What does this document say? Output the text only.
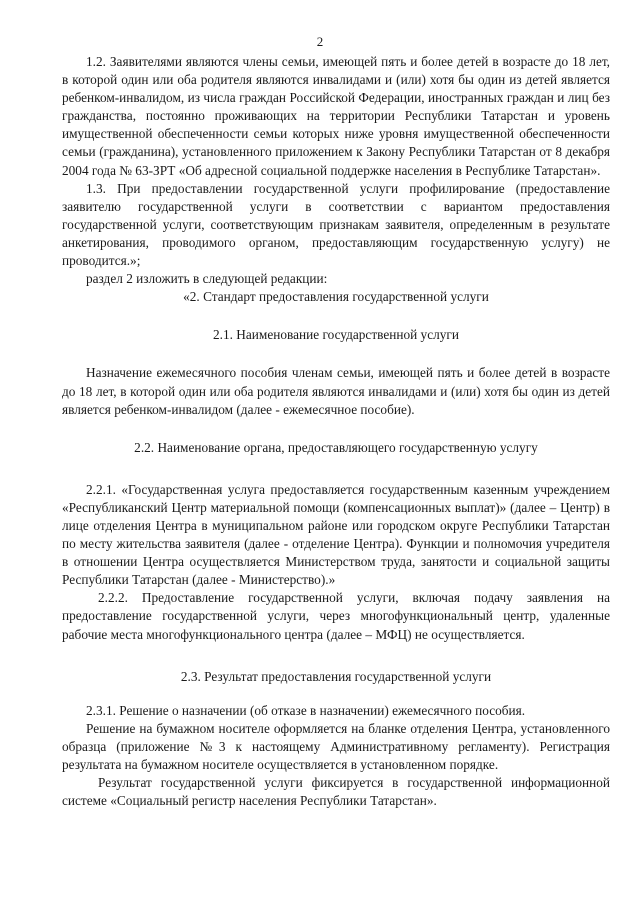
2

1.2. Заявителями являются члены семьи, имеющей пять и более детей в возрасте до 18 лет, в которой один или оба родителя являются инвалидами и (или) хотя бы один из детей является ребенком-инвалидом, из числа граждан Российской Федерации, иностранных граждан и лиц без гражданства, постоянно проживающих на территории Республики Татарстан и уровень имущественной обеспеченности семьи которых ниже уровня имущественной обеспеченности семьи (гражданина), установленного приложением к Закону Республики Татарстан от 8 декабря 2004 года № 63-ЗРТ «Об адресной социальной поддержке населения в Республике Татарстан».

1.3. При предоставлении государственной услуги профилирование (предоставление заявителю государственной услуги в соответствии с вариантом предоставления государственной услуги, соответствующим признакам заявителя, определенным в результате анкетирования, проводимого органом, предоставляющим государственную услугу) не проводится.»;

раздел 2 изложить в следующей редакции:

«2. Стандарт предоставления государственной услуги

2.1. Наименование государственной услуги

Назначение ежемесячного пособия членам семьи, имеющей пять и более детей в возрасте до 18 лет, в которой один или оба родителя являются инвалидами и (или) хотя бы один из детей является ребенком-инвалидом (далее - ежемесячное пособие).

2.2. Наименование органа, предоставляющего государственную услугу

2.2.1. «Государственная услуга предоставляется государственным казенным учреждением «Республиканский Центр материальной помощи (компенсационных выплат)» (далее – Центр) в лице отделения Центра в муниципальном районе или городском округе Республики Татарстан по месту жительства заявителя (далее - отделение Центра). Функции и полномочия учредителя в отношении Центра осуществляется Министерством труда, занятости и социальной защиты Республики Татарстан (далее - Министерство).»

2.2.2. Предоставление государственной услуги, включая подачу заявления на предоставление государственной услуги, через многофункциональный центр, удаленные рабочие места многофункционального центра (далее – МФЦ) не осуществляется.

2.3. Результат предоставления государственной услуги

2.3.1. Решение о назначении (об отказе в назначении) ежемесячного пособия.

Решение на бумажном носителе оформляется на бланке отделения Центра, установленного образца (приложение №3 к настоящему Административному регламенту). Регистрация результата на бумажном носителе осуществляется в установленном порядке.

Результат государственной услуги фиксируется в государственной информационной системе «Социальный регистр населения Республики Татарстан».
